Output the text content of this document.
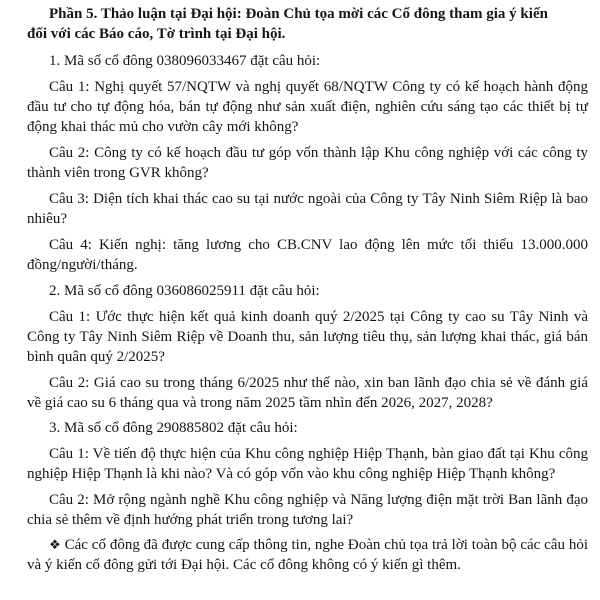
Phần 5. Thảo luận tại Đại hội: Đoàn Chủ tọa mời các Cổ đông tham gia ý kiến
đối với các Báo cáo, Tờ trình tại Đại hội.

1. Mã số cổ đông 038096033467 đặt câu hỏi:

Câu 1: Nghị quyết 57/NQTW và nghị quyết 68/NQTW Công ty có kế hoạch hành động đầu tư cho tự động hóa, bán tự động như sản xuất điện, nghiên cứu sáng tạo các thiết bị tự động khai thác mủ cho vườn cây mới không?

Câu 2: Công ty có kế hoạch đầu tư góp vốn thành lập Khu công nghiệp với các công ty thành viên trong GVR không?

Câu 3: Diện tích khai thác cao su tại nước ngoài của Công ty Tây Ninh Siêm Riệp là bao nhiêu?

Câu 4: Kiến nghị: tăng lương cho CB.CNV lao động lên mức tối thiểu 13.000.000 đồng/người/tháng.

2. Mã số cổ đông 036086025911 đặt câu hỏi:

Câu 1: Ước thực hiện kết quả kinh doanh quý 2/2025 tại Công ty cao su Tây Ninh và Công ty Tây Ninh Siêm Riệp về Doanh thu, sản lượng tiêu thụ, sản lượng khai thác, giá bán bình quân quý 2/2025?

Câu 2: Giá cao su trong tháng 6/2025 như thế nào, xin ban lãnh đạo chia sẻ về đánh giá về giá cao su 6 tháng qua và trong năm 2025 tầm nhìn đến 2026, 2027, 2028?

3. Mã số cổ đông 290885802 đặt câu hỏi:

Câu 1: Về tiến độ thực hiện của Khu công nghiệp Hiệp Thạnh, bàn giao đất tại Khu công nghiệp Hiệp Thạnh là khi nào? Và có góp vốn vào khu công nghiệp Hiệp Thạnh không?

Câu 2: Mở rộng ngành nghề Khu công nghiệp và Năng lượng điện mặt trời Ban lãnh đạo chia sẻ thêm về định hướng phát triển trong tương lai?

❖ Các cổ đông đã được cung cấp thông tin, nghe Đoàn chủ tọa trả lời toàn bộ các câu hỏi và ý kiến cổ đông gửi tới Đại hội. Các cổ đông không có ý kiến gì thêm.
